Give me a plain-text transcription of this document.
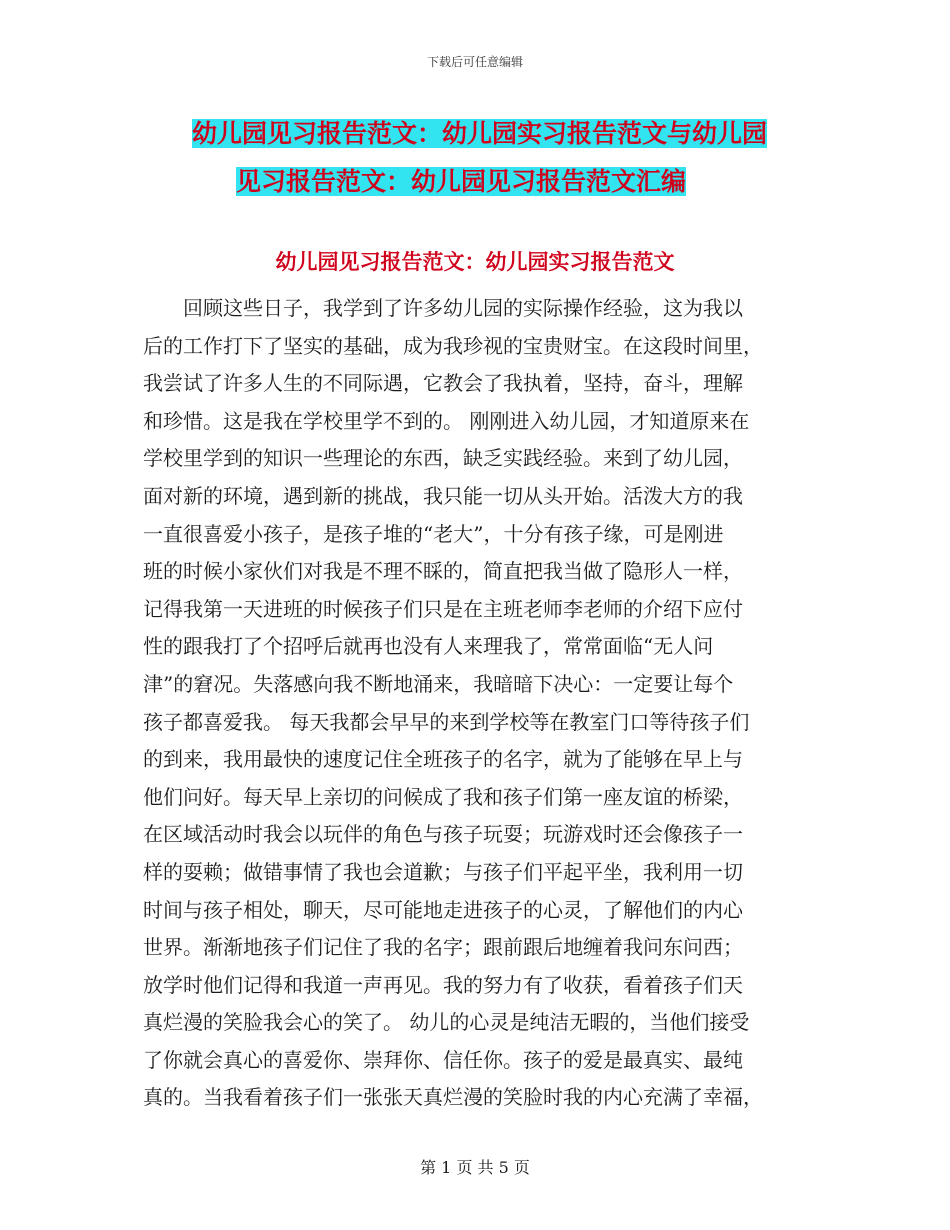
下载后可任意编辑
幼儿园见习报告范文：幼儿园实习报告范文与幼儿园
见习报告范文：幼儿园见习报告范文汇编
幼儿园见习报告范文：幼儿园实习报告范文
回顾这些日子，我学到了许多幼儿园的实际操作经验，这为我以
后的工作打下了坚实的基础，成为我珍视的宝贵财宝。在这段时间里，
我尝试了许多人生的不同际遇，它教会了我执着，坚持，奋斗，理解
和珍惜。这是我在学校里学不到的。 刚刚进入幼儿园，才知道原来在
学校里学到的知识一些理论的东西，缺乏实践经验。来到了幼儿园，
面对新的环境，遇到新的挑战，我只能一切从头开始。活泼大方的我
一直很喜爱小孩子，是孩子堆的“老大”，十分有孩子缘，可是刚进
班的时候小家伙们对我是不理不睬的，简直把我当做了隐形人一样，
记得我第一天进班的时候孩子们只是在主班老师李老师的介绍下应付
性的跟我打了个招呼后就再也没有人来理我了，常常面临“无人问
津”的窘况。失落感向我不断地涌来，我暗暗下决心：一定要让每个
孩子都喜爱我。 每天我都会早早的来到学校等在教室门口等待孩子们
的到来，我用最快的速度记住全班孩子的名字，就为了能够在早上与
他们问好。每天早上亲切的问候成了我和孩子们第一座友谊的桥梁，
在区域活动时我会以玩伴的角色与孩子玩耍；玩游戏时还会像孩子一
样的耍赖；做错事情了我也会道歉；与孩子们平起平坐，我利用一切
时间与孩子相处，聊天，尽可能地走进孩子的心灵，了解他们的内心
世界。渐渐地孩子们记住了我的名字；跟前跟后地缠着我问东问西；
放学时他们记得和我道一声再见。我的努力有了收获，看着孩子们天
真烂漫的笑脸我会心的笑了。 幼儿的心灵是纯洁无暇的，当他们接受
了你就会真心的喜爱你、崇拜你、信任你。孩子的爱是最真实、最纯
真的。当我看着孩子们一张张天真烂漫的笑脸时我的内心充满了幸福，
第 1 页 共 5 页
